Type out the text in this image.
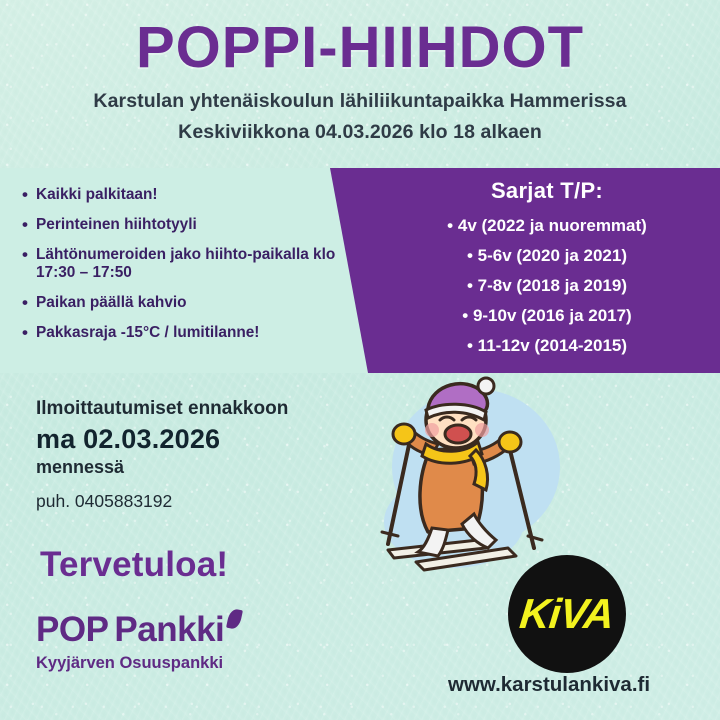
POPPI-HIIHDOT
Karstulan yhtenäiskoulun lähiliikuntapaikka Hammerissa
Keskiviikkona 04.03.2026 klo 18 alkaen
• Kaikki palkitaan!
• Perinteinen hiihtotyyli
• Lähtönumeroiden jako hiihto-paikalla klo 17:30 – 17:50
• Paikan päällä kahvio
• Pakkasraja -15°C / lumitilanne!
Sarjat T/P:
• 4v (2022 ja nuoremmat)
• 5-6v (2020 ja 2021)
• 7-8v (2018 ja 2019)
• 9-10v (2016 ja 2017)
• 11-12v (2014-2015)
Ilmoittautumiset ennakkoon
ma 02.03.2026
mennessä
puh. 0405883192
Tervetuloa!
POP Pankki
Kyyjärven Osuuspankki
KiVA
www.karstulankiva.fi
